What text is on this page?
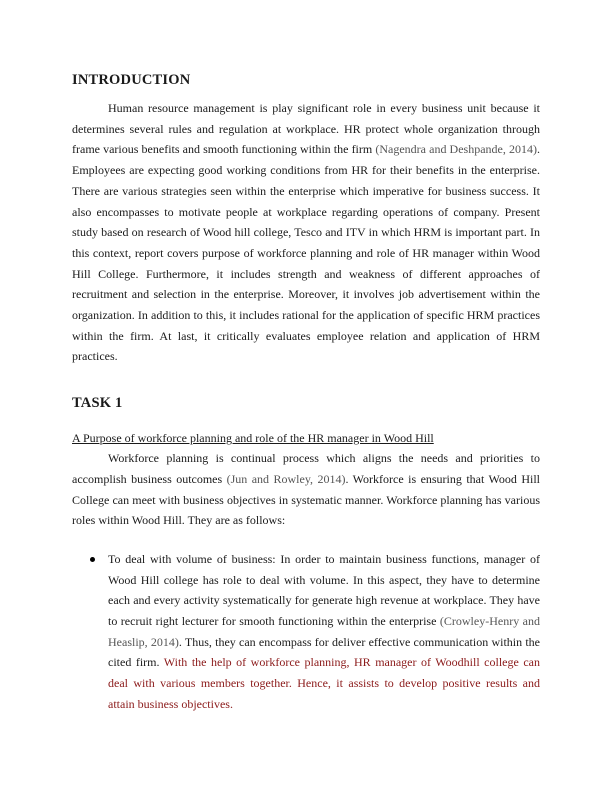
INTRODUCTION

Human resource management is play significant role in every business unit because it determines several rules and regulation at workplace. HR protect whole organization through frame various benefits and smooth functioning within the firm (Nagendra and Deshpande, 2014). Employees are expecting good working conditions from HR for their benefits in the enterprise. There are various strategies seen within the enterprise which imperative for business success. It also encompasses to motivate people at workplace regarding operations of company. Present study based on research of Wood hill college, Tesco and ITV in which HRM is important part. In this context, report covers purpose of workforce planning and role of HR manager within Wood Hill College. Furthermore, it includes strength and weakness of different approaches of recruitment and selection in the enterprise. Moreover, it involves job advertisement within the organization. In addition to this, it includes rational for the application of specific HRM practices within the firm. At last, it critically evaluates employee relation and application of HRM practices.

TASK 1
A Purpose of workforce planning and role of the HR manager in Wood Hill

Workforce planning is continual process which aligns the needs and priorities to accomplish business outcomes (Jun and Rowley, 2014). Workforce is ensuring that Wood Hill College can meet with business objectives in systematic manner. Workforce planning has various roles within Wood Hill. They are as follows:

To deal with volume of business: In order to maintain business functions, manager of Wood Hill college has role to deal with volume. In this aspect, they have to determine each and every activity systematically for generate high revenue at workplace. They have to recruit right lecturer for smooth functioning within the enterprise (Crowley-Henry and Heaslip, 2014). Thus, they can encompass for deliver effective communication within the cited firm. With the help of workforce planning, HR manager of Woodhill college can deal with various members together. Hence, it assists to develop positive results and attain business objectives.
